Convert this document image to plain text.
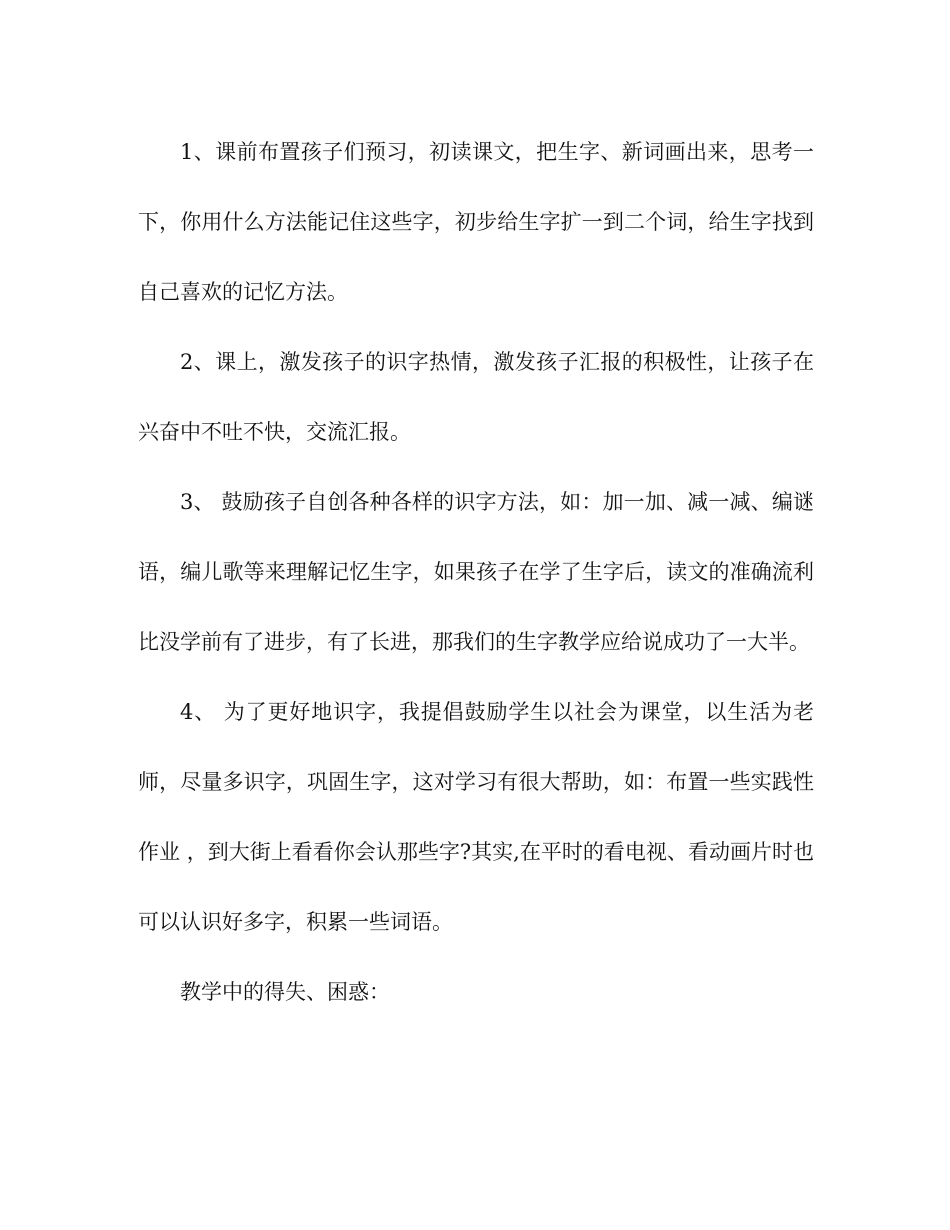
1、课前布置孩子们预习，初读课文，把生字、新词画出来，思考一下，你用什么方法能记住这些字，初步给生字扩一到二个词，给生字找到自己喜欢的记忆方法。

2、课上，激发孩子的识字热情，激发孩子汇报的积极性，让孩子在兴奋中不吐不快，交流汇报。

3、 鼓励孩子自创各种各样的识字方法，如：加一加、减一减、编谜语，编儿歌等来理解记忆生字，如果孩子在学了生字后，读文的准确流利比没学前有了进步，有了长进，那我们的生字教学应给说成功了一大半。

4、 为了更好地识字，我提倡鼓励学生以社会为课堂，以生活为老师，尽量多识字，巩固生字，这对学习有很大帮助，如：布置一些实践性作业 ，到大街上看看你会认那些字?其实,在平时的看电视、看动画片时也可以认识好多字，积累一些词语。

教学中的得失、困惑：
